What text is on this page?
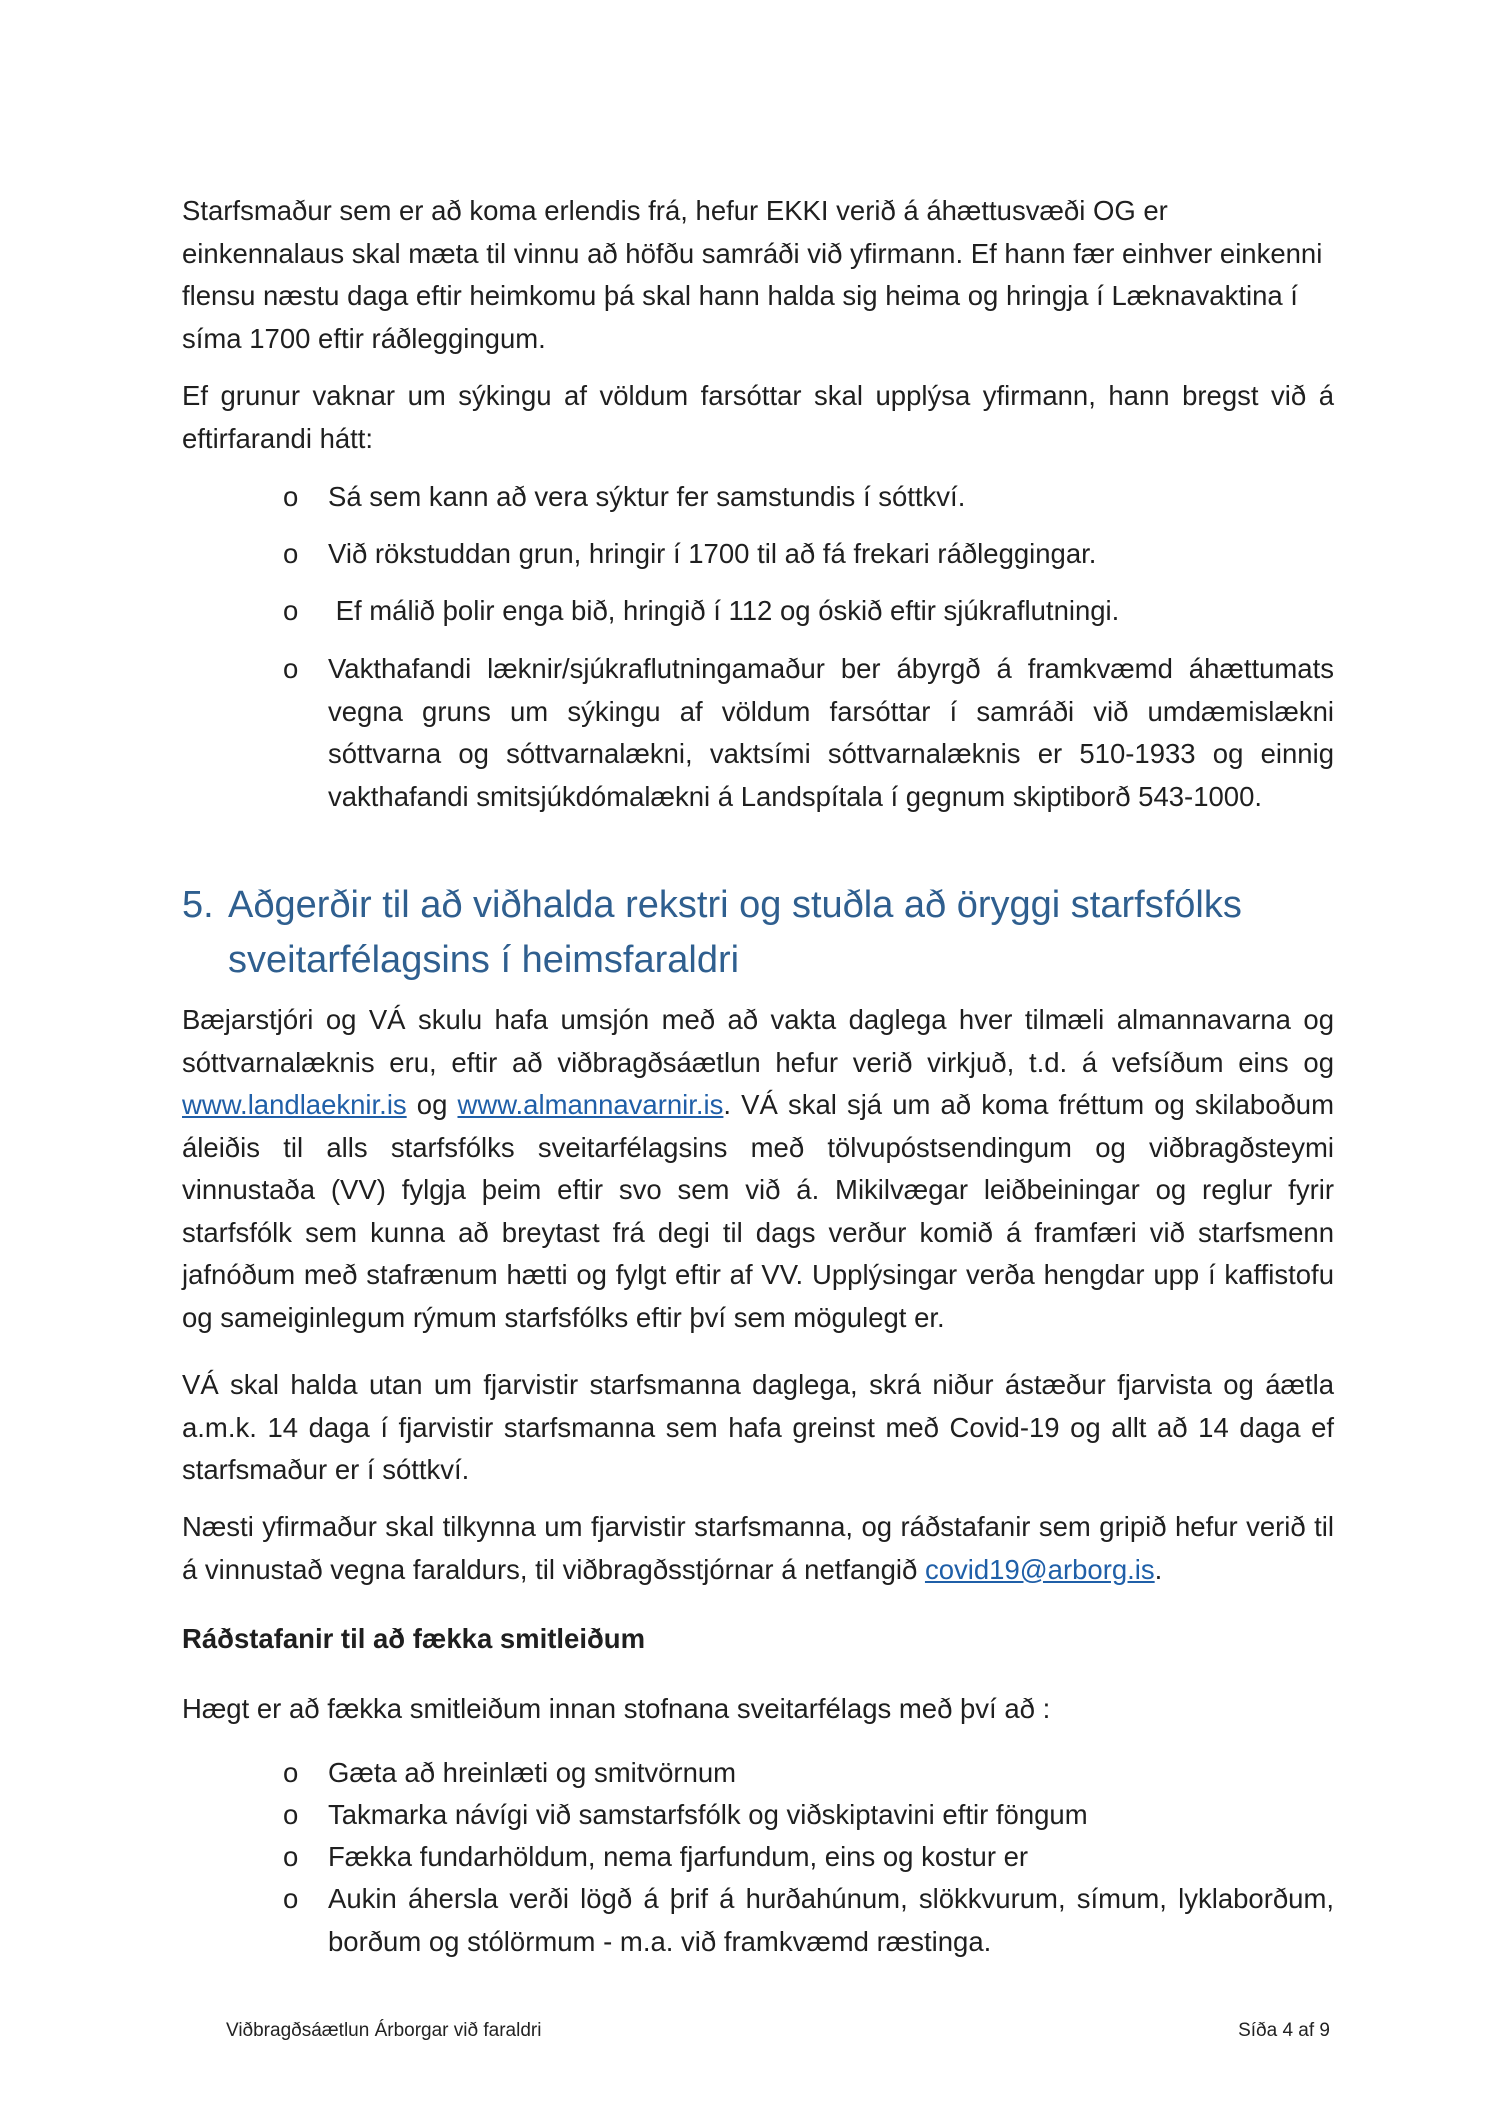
Starfsmaður sem er að koma erlendis frá, hefur EKKI verið á áhættusvæði OG er einkennalaus skal mæta til vinnu að höfðu samráði við yfirmann. Ef hann fær einhver einkenni flensu næstu daga eftir heimkomu þá skal hann halda sig heima og hringja í Læknavaktina í síma 1700 eftir ráðleggingum.

Ef grunur vaknar um sýkingu af völdum farsóttar skal upplýsa yfirmann, hann bregst við á eftirfarandi hátt:

o Sá sem kann að vera sýktur fer samstundis í sóttkví.
o Við rökstuddan grun, hringir í 1700 til að fá frekari ráðleggingar.
o Ef málið þolir enga bið, hringið í 112 og óskið eftir sjúkraflutningi.
o Vakthafandi læknir/sjúkraflutningamaður ber ábyrgð á framkvæmd áhættumats vegna gruns um sýkingu af völdum farsóttar í samráði við umdæmislækni sóttvarna og sóttvarnalækni, vaktsími sóttvarnalæknis er 510-1933 og einnig vakthafandi smitsjúkdómalækni á Landspítala í gegnum skiptiborð 543-1000.
5. Aðgerðir til að viðhalda rekstri og stuðla að öryggi starfsfólks sveitarfélagsins í heimsfaraldri

Bæjarstjóri og VÁ skulu hafa umsjón með að vakta daglega hver tilmæli almannavarna og sóttvarnalæknis eru, eftir að viðbragðsáætlun hefur verið virkjuð, t.d. á vefsíðum eins og www.landlaeknir.is og www.almannavarnir.is. VÁ skal sjá um að koma fréttum og skilaboðum áleiðis til alls starfsfólks sveitarfélagsins með tölvupóstsendingum og viðbragðsteymi vinnustaða (VV) fylgja þeim eftir svo sem við á. Mikilvægar leiðbeiningar og reglur fyrir starfsfólk sem kunna að breytast frá degi til dags verður komið á framfæri við starfsmenn jafnóðum með stafrænum hætti og fylgt eftir af VV. Upplýsingar verða hengdar upp í kaffistofu og sameiginlegum rýmum starfsfólks eftir því sem mögulegt er.

VÁ skal halda utan um fjarvistir starfsmanna daglega, skrá niður ástæður fjarvista og áætla a.m.k. 14 daga í fjarvistir starfsmanna sem hafa greinst með Covid-19 og allt að 14 daga ef starfsmaður er í sóttkví.

Næsti yfirmaður skal tilkynna um fjarvistir starfsmanna, og ráðstafanir sem gripið hefur verið til á vinnustað vegna faraldurs, til viðbragðsstjórnar á netfangið covid19@arborg.is.

Ráðstafanir til að fækka smitleiðum

Hægt er að fækka smitleiðum innan stofnana sveitarfélags með því að :

o Gæta að hreinlæti og smitvörnum
o Takmarka návígi við samstarfsfólk og viðskiptavini eftir föngum
o Fækka fundarhöldum, nema fjarfundum, eins og kostur er
o Aukin áhersla verði lögð á þrif á hurðahúnum, slökkvurum, símum, lyklaborðum, borðum og stólörmum - m.a. við framkvæmd ræstinga.
Viðbragðsáætlun Árborgar við faraldri	Síða 4 af 9
